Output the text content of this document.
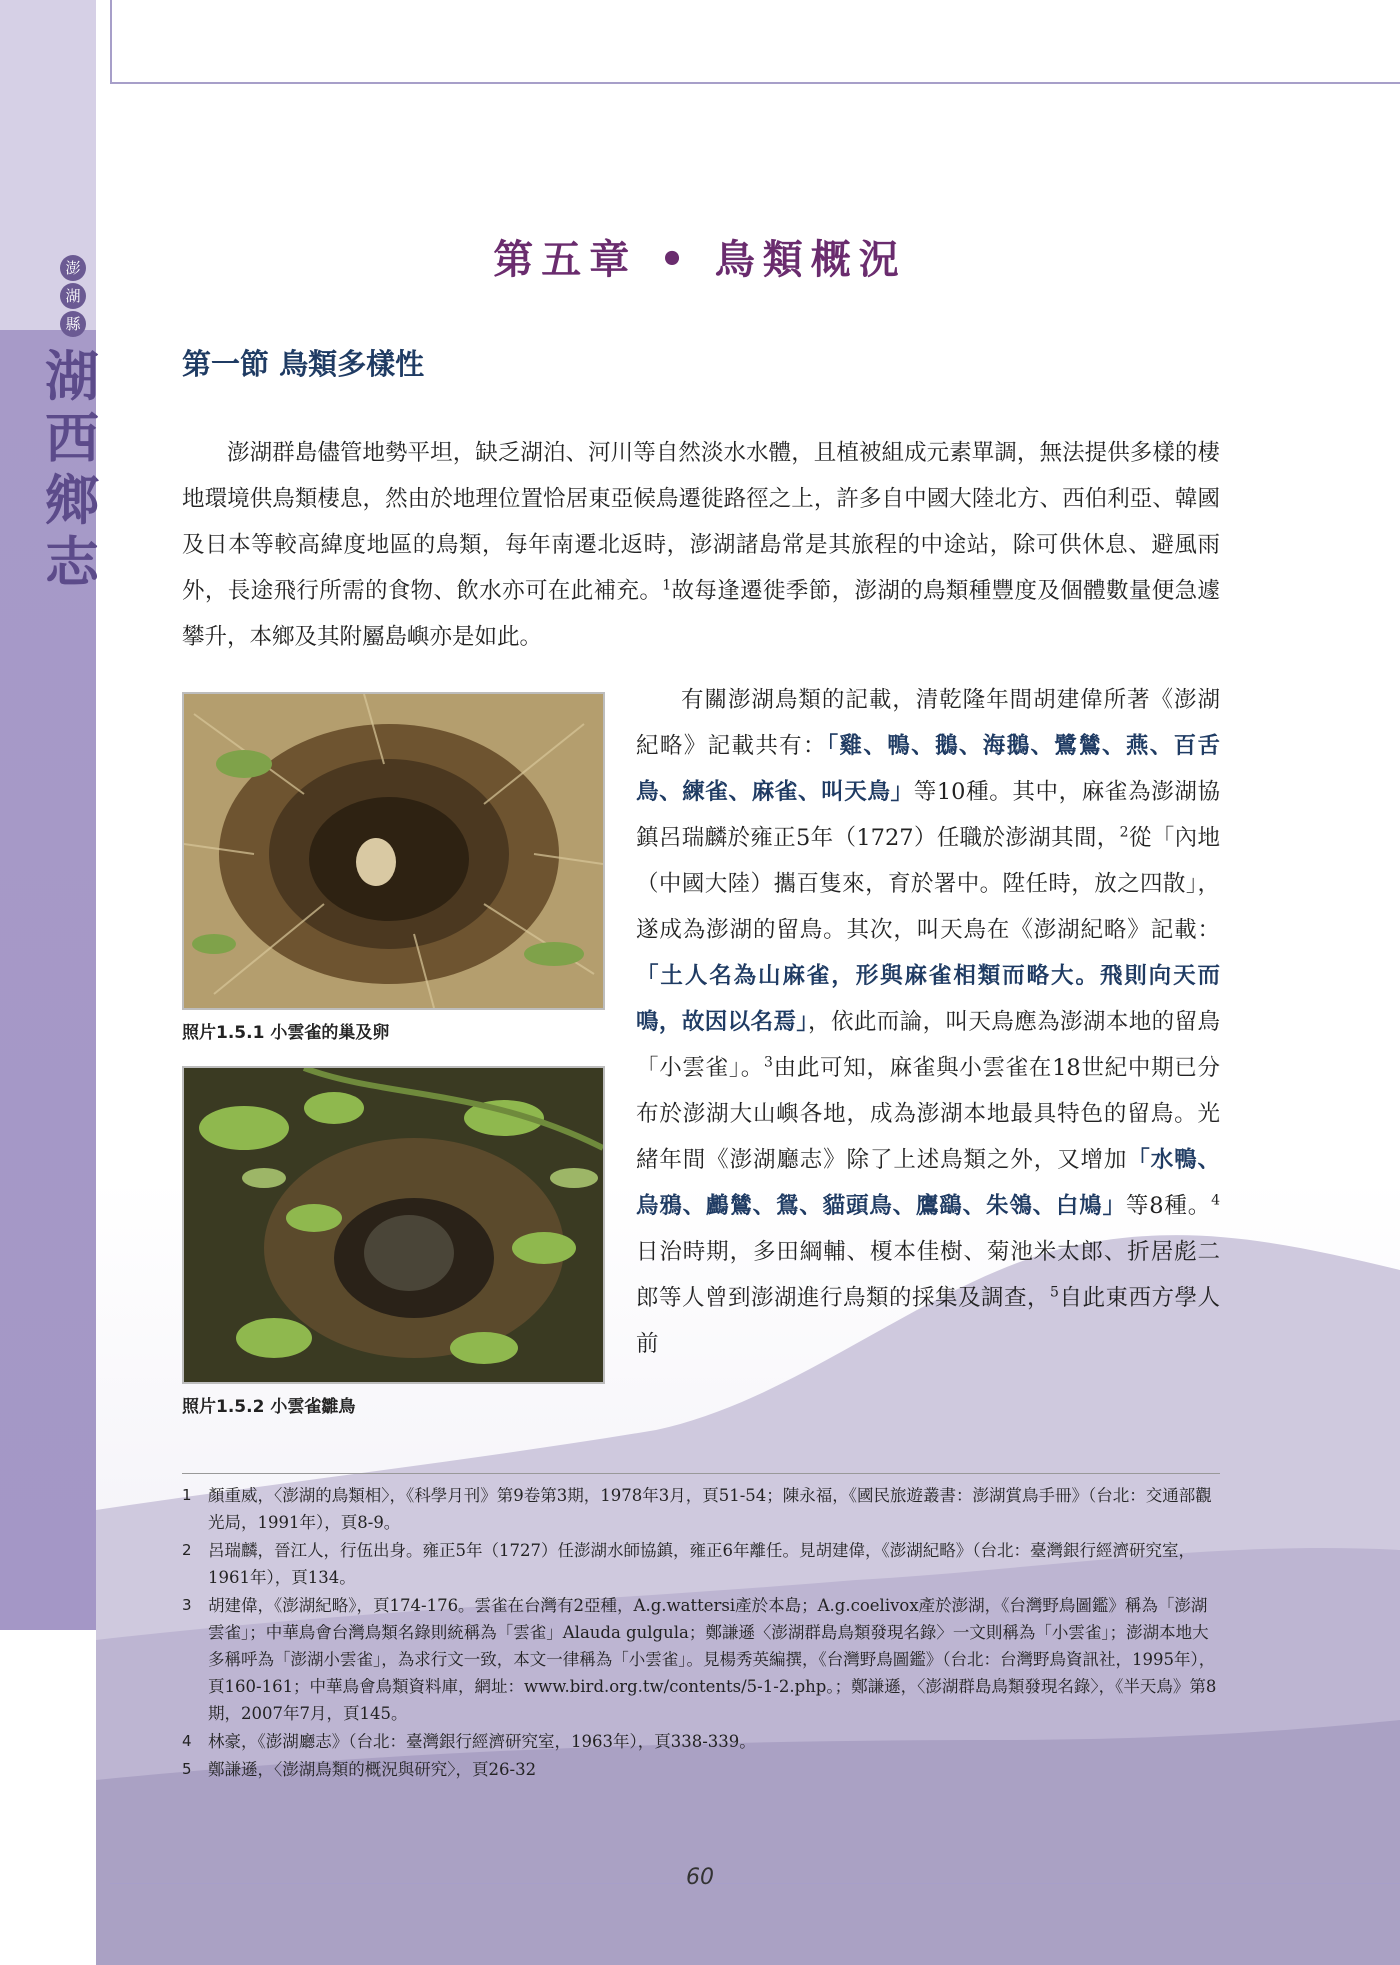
澎
湖
縣
湖
西
鄉
志
第五章 • 鳥類概況
第一節 鳥類多樣性

澎湖群島儘管地勢平坦，缺乏湖泊、河川等自然淡水水體，且植被組成元素單調，無法提供多樣的棲地環境供鳥類棲息，然由於地理位置恰居東亞候鳥遷徙路徑之上，許多自中國大陸北方、西伯利亞、韓國及日本等較高緯度地區的鳥類，每年南遷北返時，澎湖諸島常是其旅程的中途站，除可供休息、避風雨外，長途飛行所需的食物、飲水亦可在此補充。$^1$故每逢遷徙季節，澎湖的鳥類種豐度及個體數量便急遽攀升，本鄉及其附屬島嶼亦是如此。

照片1.5.1 小雲雀的巢及卵
照片1.5.2 小雲雀雛鳥

有關澎湖鳥類的記載，清乾隆年間胡建偉所著《澎湖紀略》記載共有：「雞、鴨、鵝、海鵝、鷺鷥、燕、百舌鳥、練雀、麻雀、叫天鳥」等10種。其中，麻雀為澎湖協鎮呂瑞麟於雍正5年（1727）任職於澎湖其間，$^2$從「內地（中國大陸）攜百隻來，育於署中。陞任時，放之四散」，遂成為澎湖的留鳥。其次，叫天鳥在《澎湖紀略》記載：「土人名為山麻雀，形與麻雀相類而略大。飛則向天而鳴，故因以名焉」，依此而論，叫天鳥應為澎湖本地的留鳥「小雲雀」。$^3$由此可知，麻雀與小雲雀在18世紀中期已分布於澎湖大山嶼各地，成為澎湖本地最具特色的留鳥。光緒年間《澎湖廳志》除了上述鳥類之外，又增加「水鴨、烏鴉、鸕鷥、鴛、貓頭鳥、鷹鷂、朱鴒、白鳩」等8種。$^4$日治時期，多田綱輔、榎本佳樹、菊池米太郎、折居彪二郎等人曾到澎湖進行鳥類的採集及調查，$^5$自此東西方學人前

1 顏重威，〈澎湖的鳥類相〉，《科學月刊》第9卷第3期，1978年3月，頁51-54；陳永福，《國民旅遊叢書：澎湖賞鳥手冊》（台北：交通部觀光局，1991年），頁8-9。
2 呂瑞麟，晉江人，行伍出身。雍正5年（1727）任澎湖水師協鎮，雍正6年離任。見胡建偉，《澎湖紀略》（台北：臺灣銀行經濟研究室，1961年），頁134。
3 胡建偉，《澎湖紀略》，頁174-176。雲雀在台灣有2亞種，A.g.wattersi產於本島；A.g.coelivox產於澎湖，《台灣野鳥圖鑑》稱為「澎湖雲雀」；中華鳥會台灣鳥類名錄則統稱為「雲雀」Alauda gulgula；鄭謙遜〈澎湖群島鳥類發現名錄〉一文則稱為「小雲雀」；澎湖本地大多稱呼為「澎湖小雲雀」，為求行文一致，本文一律稱為「小雲雀」。見楊秀英編撰，《台灣野鳥圖鑑》（台北：台灣野鳥資訊社，1995年），頁160-161；中華鳥會鳥類資料庫，網址：www.bird.org.tw/contents/5-1-2.php。；鄭謙遜，〈澎湖群島鳥類發現名錄〉，《半天鳥》第8期，2007年7月，頁145。
4 林豪，《澎湖廳志》（台北：臺灣銀行經濟研究室，1963年），頁338-339。
5 鄭謙遜，〈澎湖鳥類的概況與研究〉，頁26-32
60
